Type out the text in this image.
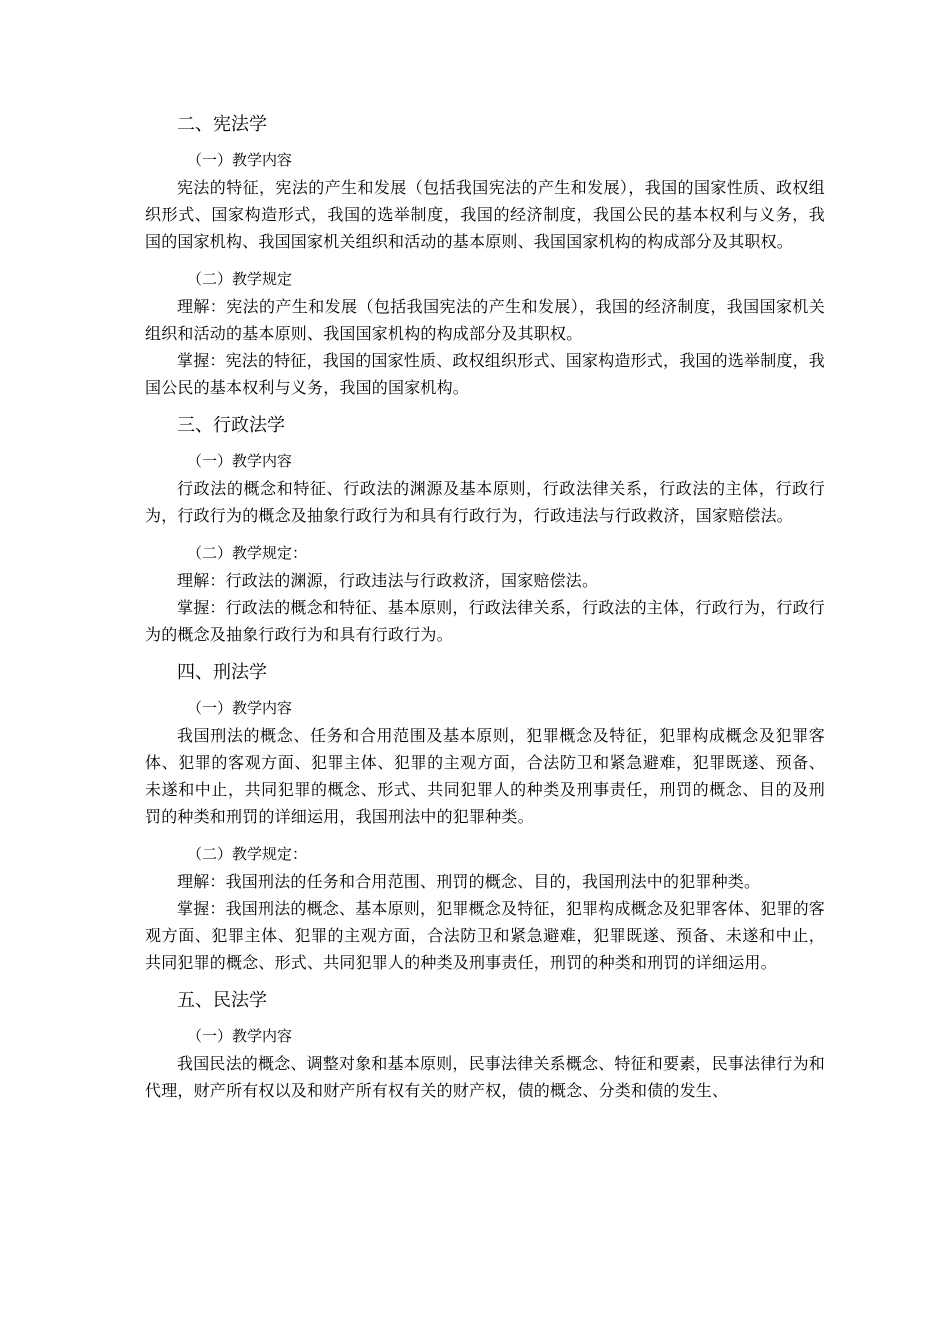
二、宪法学
（一）教学内容

宪法的特征，宪法的产生和发展（包括我国宪法的产生和发展），我国的国家性质、政权组织形式、国家构造形式，我国的选举制度，我国的经济制度，我国公民的基本权利与义务，我国的国家机构、我国国家机关组织和活动的基本原则、我国国家机构的构成部分及其职权。

（二）教学规定

理解：宪法的产生和发展（包括我国宪法的产生和发展），我国的经济制度，我国国家机关组织和活动的基本原则、我国国家机构的构成部分及其职权。

掌握：宪法的特征，我国的国家性质、政权组织形式、国家构造形式，我国的选举制度，我国公民的基本权利与义务，我国的国家机构。

三、行政法学
（一）教学内容

行政法的概念和特征、行政法的渊源及基本原则，行政法律关系，行政法的主体，行政行为，行政行为的概念及抽象行政行为和具有行政行为，行政违法与行政救济，国家赔偿法。

（二）教学规定：

理解：行政法的渊源，行政违法与行政救济，国家赔偿法。

掌握：行政法的概念和特征、基本原则，行政法律关系，行政法的主体，行政行为，行政行为的概念及抽象行政行为和具有行政行为。

四、刑法学
（一）教学内容

我国刑法的概念、任务和合用范围及基本原则，犯罪概念及特征，犯罪构成概念及犯罪客体、犯罪的客观方面、犯罪主体、犯罪的主观方面，合法防卫和紧急避难，犯罪既遂、预备、未遂和中止，共同犯罪的概念、形式、共同犯罪人的种类及刑事责任，刑罚的概念、目的及刑罚的种类和刑罚的详细运用，我国刑法中的犯罪种类。

（二）教学规定：

理解：我国刑法的任务和合用范围、刑罚的概念、目的，我国刑法中的犯罪种类。

掌握：我国刑法的概念、基本原则，犯罪概念及特征，犯罪构成概念及犯罪客体、犯罪的客观方面、犯罪主体、犯罪的主观方面，合法防卫和紧急避难，犯罪既遂、预备、未遂和中止，共同犯罪的概念、形式、共同犯罪人的种类及刑事责任，刑罚的种类和刑罚的详细运用。

五、民法学
（一）教学内容

我国民法的概念、调整对象和基本原则，民事法律关系概念、特征和要素，民事法律行为和代理，财产所有权以及和财产所有权有关的财产权，债的概念、分类和债的发生、
